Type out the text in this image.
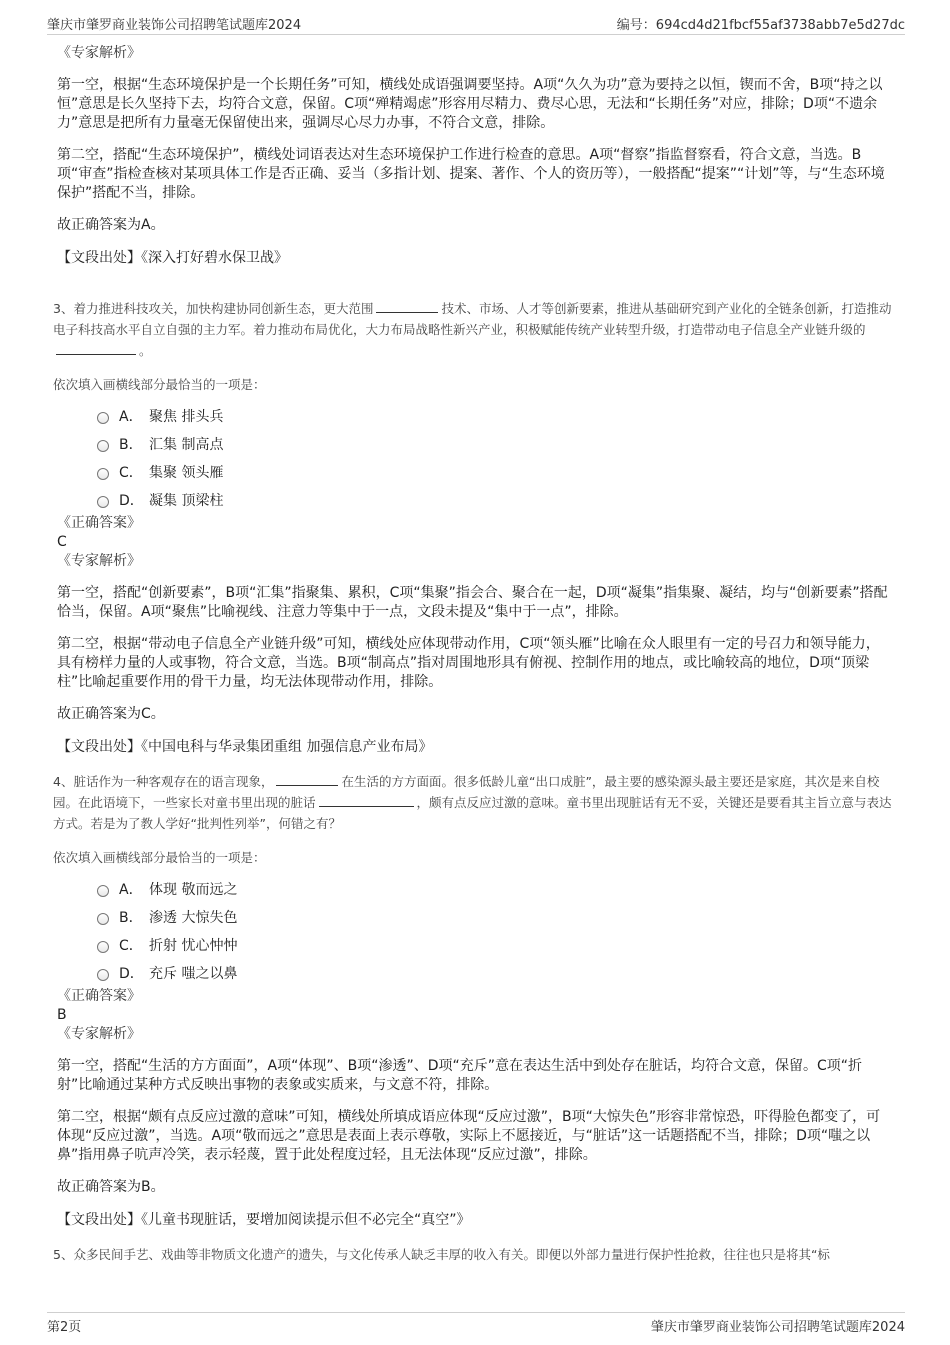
肇庆市肇罗商业装饰公司招聘笔试题库2024	编号：694cd4d21fbcf55af3738abb7e5d27dc
《专家解析》
第一空，根据“生态环境保护是一个长期任务”可知，横线处成语强调要坚持。A项“久久为功”意为要持之以恒，锲而不舍，B项“持之以恒”意思是长久坚持下去，均符合文意，保留。C项“殚精竭虑”形容用尽精力、费尽心思，无法和“长期任务”对应，排除；D项“不遗余力”意思是把所有力量毫无保留使出来，强调尽心尽力办事，不符合文意，排除。
第二空，搭配“生态环境保护”，横线处词语表达对生态环境保护工作进行检查的意思。A项“督察”指监督察看，符合文意，当选。B项“审查”指检查核对某项具体工作是否正确、妥当（多指计划、提案、著作、个人的资历等），一般搭配“提案”“计划”等，与“生态环境保护”搭配不当，排除。
故正确答案为A。
【文段出处】《深入打好碧水保卫战》
3、着力推进科技攻关，加快构建协同创新生态，更大范围	技术、市场、人才等创新要素，推进从基础研究到产业化的全链条创新，打造推动电子科技高水平自立自强的主力军。着力推动布局优化，大力布局战略性新兴产业，积极赋能传统产业转型升级，打造带动电子信息全产业链升级的。
依次填入画横线部分最恰当的一项是：
A． 聚焦 排头兵
B． 汇集 制高点
C． 集聚 领头雁
D． 凝集 顶梁柱
《正确答案》
C
《专家解析》
第一空，搭配“创新要素”，B项“汇集”指聚集、累积，C项“集聚”指会合、聚合在一起，D项“凝集”指集聚、凝结，均与“创新要素”搭配恰当，保留。A项“聚焦”比喻视线、注意力等集中于一点，文段未提及“集中于一点”，排除。
第二空，根据“带动电子信息全产业链升级”可知，横线处应体现带动作用，C项“领头雁”比喻在众人眼里有一定的号召力和领导能力，具有榜样力量的人或事物，符合文意，当选。B项“制高点”指对周围地形具有俯视、控制作用的地点，或比喻较高的地位，D项“顶梁柱”比喻起重要作用的骨干力量，均无法体现带动作用，排除。
故正确答案为C。
【文段出处】《中国电科与华录集团重组 加强信息产业布局》
4、脏话作为一种客观存在的语言现象，	在生活的方方面面。很多低龄儿童“出口成脏”，最主要的感染源头最主要还是家庭，其次是来自校园。在此语境下，一些家长对童书里出现的脏话	，颇有点反应过激的意味。童书里出现脏话有无不妥，关键还是要看其主旨立意与表达方式。若是为了教人学好“批判性列举”，何错之有？
依次填入画横线部分最恰当的一项是：
A． 体现 敬而远之
B． 渗透 大惊失色
C． 折射 忧心忡忡
D． 充斥 嗤之以鼻
《正确答案》
B
《专家解析》
第一空，搭配“生活的方方面面”，A项“体现”、B项“渗透”、D项“充斥”意在表达生活中到处存在脏话，均符合文意，保留。C项“折射”比喻通过某种方式反映出事物的表象或实质来，与文意不符，排除。
第二空，根据“颇有点反应过激的意味”可知，横线处所填成语应体现“反应过激”，B项“大惊失色”形容非常惊恐，吓得脸色都变了，可体现“反应过激”，当选。A项“敬而远之”意思是表面上表示尊敬，实际上不愿接近，与“脏话”这一话题搭配不当，排除；D项“嗤之以鼻”指用鼻子吭声冷笑，表示轻蔑，置于此处程度过轻，且无法体现“反应过激”，排除。
故正确答案为B。
【文段出处】《儿童书现脏话，要增加阅读提示但不必完全“真空”》
5、众多民间手艺、戏曲等非物质文化遗产的遗失，与文化传承人缺乏丰厚的收入有关。即便以外部力量进行保护性抢救，往往也只是将其“标
第2页	肇庆市肇罗商业装饰公司招聘笔试题库2024
